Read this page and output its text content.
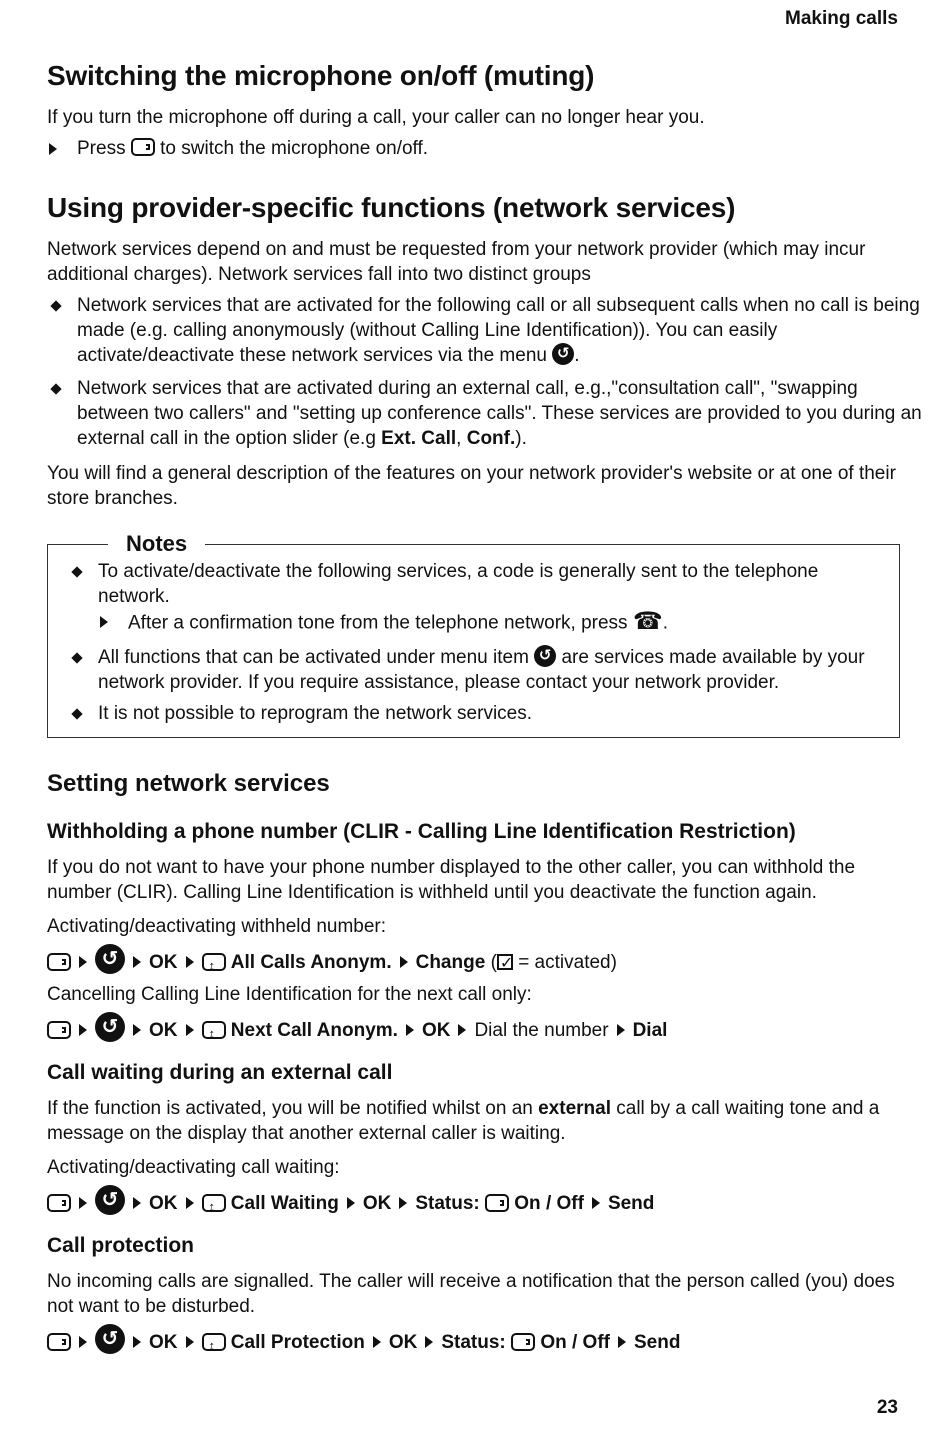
Making calls
Switching the microphone on/off (muting)

If you turn the microphone off during a call, your caller can no longer hear you.

Press to switch the microphone on/off.
Using provider-specific functions (network services)

Network services depend on and must be requested from your network provider (which may incur additional charges). Network services fall into two distinct groups

Network services that are activated for the following call or all subsequent calls when no call is being made (e.g. calling anonymously (without Calling Line Identification)). You can easily activate/deactivate these network services via the menu ↺ .
Network services that are activated during an external call, e.g.,"consultation call", "swapping between two callers" and "setting up conference calls". These services are provided to you during an external call in the option slider (e.g Ext. Call, Conf.).

You will find a general description of the features on your network provider's website or at one of their store branches.

Notes
To activate/deactivate the following services, a code is generally sent to the telephone network.
After a confirmation tone from the telephone network, press ☎.
All functions that can be activated under menu item ↺ are services made available by your network provider. If you require assistance, please contact your network provider.
It is not possible to reprogram the network services.
Setting network services
Withholding a phone number (CLIR - Calling Line Identification Restriction)

If you do not want to have your phone number displayed to the other caller, you can withhold the number (CLIR). Calling Line Identification is withheld until you deactivate the function again.

Activating/deactivating withheld number:

↺ OK ↕	All Calls Anonym. Change ( ✓ = activated)

Cancelling Calling Line Identification for the next call only:

↺ OK ↕	Next Call Anonym. OK Dial the number Dial
Call waiting during an external call

If the function is activated, you will be notified whilst on an external call by a call waiting tone and a message on the display that another external caller is waiting.

Activating/deactivating call waiting:

↺ OK ↕	Call Waiting OK Status: On / Off Send
Call protection

No incoming calls are signalled. The caller will receive a notification that the person called (you) does not want to be disturbed.

↺ OK ↕	Call Protection OK Status: On / Off Send
23
